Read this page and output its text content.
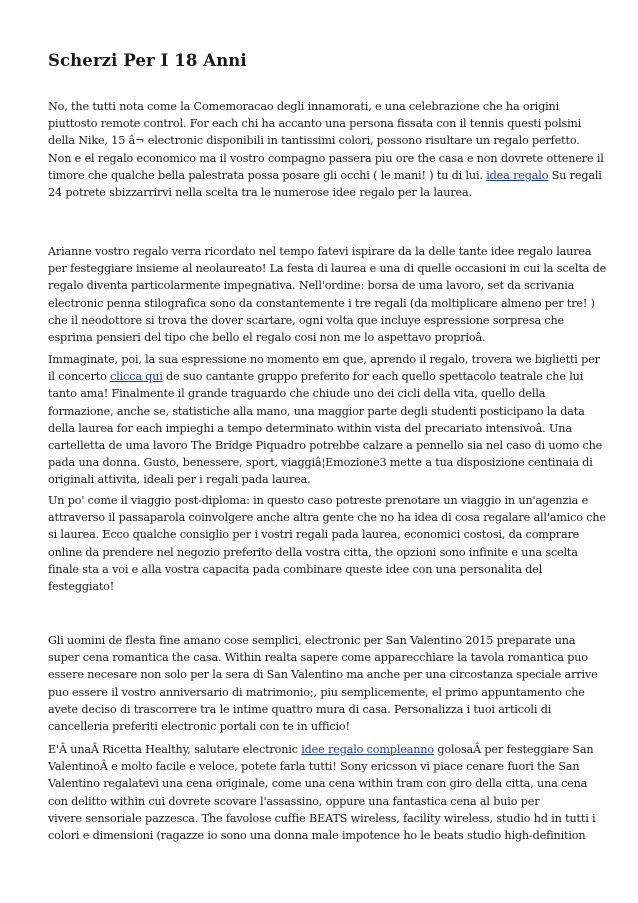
Scherzi Per I 18 Anni

No, the tutti nota come la Comemoracao degli innamorati, e una celebrazione che ha origini
piuttosto remote control. For each chi ha accanto una persona fissata con il tennis questi polsini
della Nike, 15 â¬ electronic disponibili in tantissimi colori, possono risultare un regalo perfetto.
Non e el regalo economico ma il vostro compagno passera piu ore the casa e non dovrete ottenere il
timore che qualche bella palestrata possa posare gli occhi ( le mani! ) tu di lui. idea regalo Su regali
24 potrete sbizzarrirvi nella scelta tra le numerose idee regalo per la laurea.

Arianne vostro regalo verra ricordato nel tempo fatevi ispirare da la delle tante idee regalo laurea
per festeggiare insieme al neolaureato! La festa di laurea e una di quelle occasioni in cui la scelta de
regalo diventa particolarmente impegnativa. Nell'ordine: borsa de uma lavoro, set da scrivania
electronic penna stilografica sono da constantemente i tre regali (da moltiplicare almeno per tre! )
che il neodottore si trova the dover scartare, ogni volta que incluye espressione sorpresa che
esprima pensieri del tipo che bello el regalo cosi non me lo aspettavo proprioâ.

Immaginate, poi, la sua espressione no momento em que, aprendo il regalo, trovera we biglietti per
il concerto clicca qui de suo cantante gruppo preferito for each quello spettacolo teatrale che lui
tanto ama! Finalmente il grande traguardo che chiude uno dei cicli della vita, quello della
formazione, anche se, statistiche alla mano, una maggior parte degli studenti posticipano la data
della laurea for each impieghi a tempo determinato within vista del precariato intensivoâ. Una
cartelletta de uma lavoro The Bridge Piquadro potrebbe calzare a pennello sia nel caso di uomo che
pada una donna. Gusto, benessere, sport, viaggiâ¦Emozione3 mette a tua disposizione centinaia di
originali attivita, ideali per i regali pada laurea.

Un po' come il viaggio post-diploma: in questo caso potreste prenotare un viaggio in un'agenzia e
attraverso il passaparola coinvolgere anche altra gente che no ha idea di cosa regalare all'amico che
si laurea. Ecco qualche consiglio per i vostri regali pada laurea, economici costosi, da comprare
online da prendere nel negozio preferito della vostra citta, the opzioni sono infinite e una scelta
finale sta a voi e alla vostra capacita pada combinare queste idee con una personalita del
festeggiato!

Gli uomini de flesta fine amano cose semplici, electronic per San Valentino 2015 preparate una
super cena romantica the casa. Within realta sapere come apparecchiare la tavola romantica puo
essere necesare non solo per la sera di San Valentino ma anche per una circostanza speciale arrive
puo essere il vostro anniversario di matrimonio;, piu semplicemente, el primo appuntamento che
avete deciso di trascorrere tra le intime quattro mura di casa. Personalizza i tuoi articoli di
cancelleria preferiti electronic portali con te in ufficio!

E'Â unaÂ Ricetta Healthy, salutare electronic idee regalo compleanno golosaÂ per festeggiare San
ValentinoÂ e molto facile e veloce, potete farla tutti! Sony ericsson vi piace cenare fuori the San
Valentino regalatevi una cena originale, come una cena within tram con giro della citta, una cena
con delitto within cui dovrete scovare l'assassino, oppure una fantastica cena al buio per
vivere sensoriale pazzesca. The favolose cuffie BEATS wireless, facility wireless, studio hd in tutti i
colori e dimensioni (ragazze io sono una donna male impotence ho le beats studio high-definition
